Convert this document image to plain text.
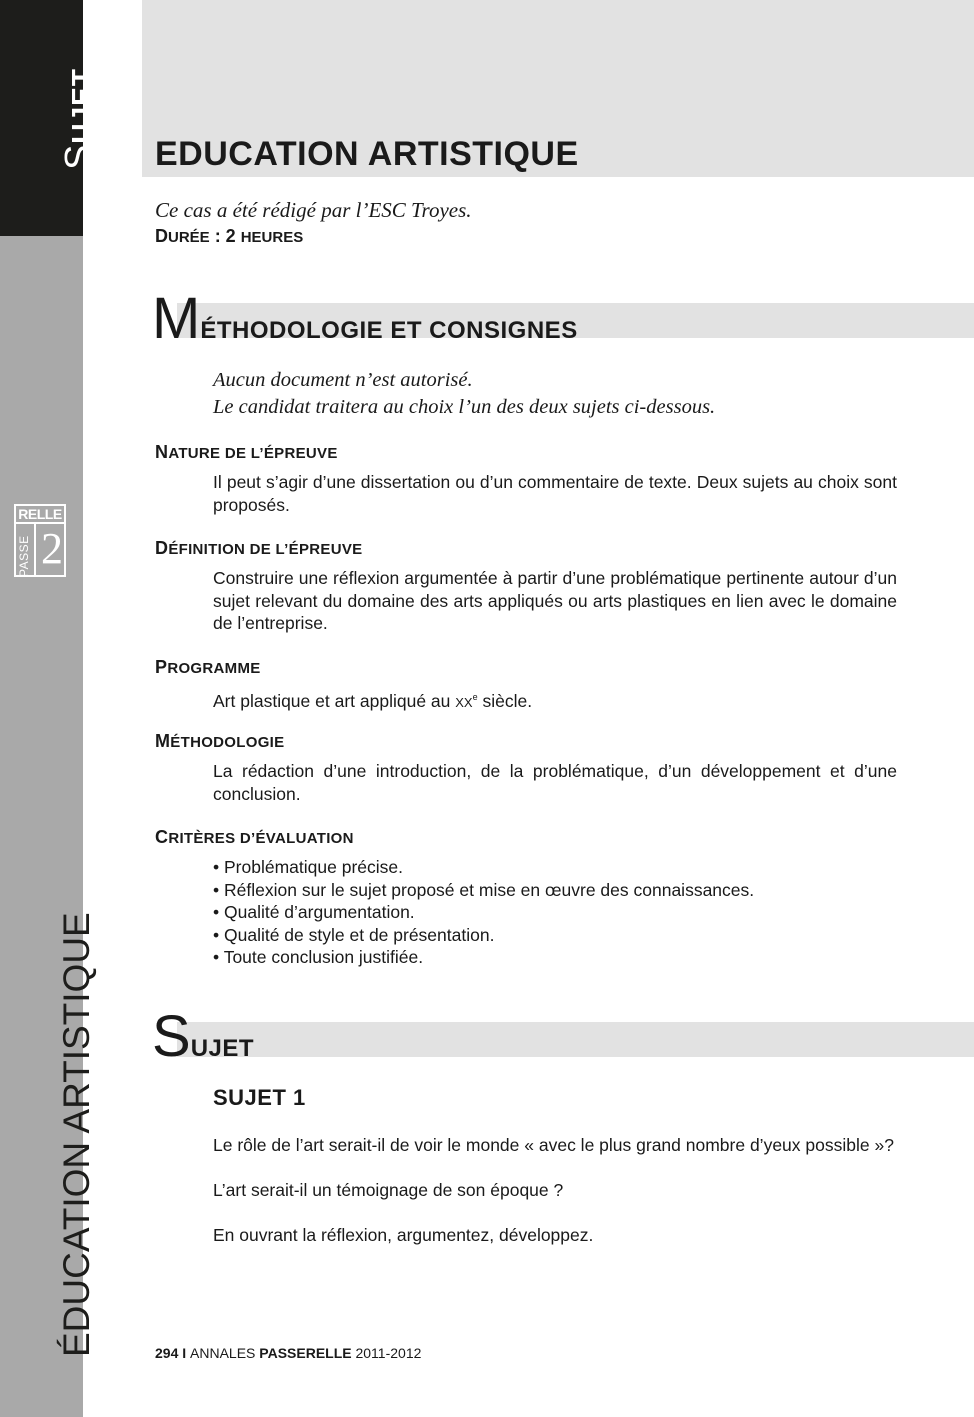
SUJET
RELLE
PASSE 2
ÉDUCATION ARTISTIQUE
EDUCATION ARTISTIQUE
Ce cas a été rédigé par l’ESC Troyes.
DURÉE : 2 HEURES
MÉTHODOLOGIE ET CONSIGNES
Aucun document n’est autorisé.
Le candidat traitera au choix l’un des deux sujets ci-dessous.
NATURE DE L’ÉPREUVE
Il peut s’agir d’une dissertation ou d’un commentaire de texte. Deux sujets au choix sont proposés.
DÉFINITION DE L’ÉPREUVE
Construire une réflexion argumentée à partir d’une problématique pertinente autour d’un sujet relevant du domaine des arts appliqués ou arts plastiques en lien avec le domaine de l’entreprise.
PROGRAMME
Art plastique et art appliqué au XXe siècle.
MÉTHODOLOGIE
La rédaction d’une introduction, de la problématique, d’un développement et d’une conclusion.
CRITÈRES D’ÉVALUATION
• Problématique précise.
• Réflexion sur le sujet proposé et mise en œuvre des connaissances.
• Qualité d’argumentation.
• Qualité de style et de présentation.
• Toute conclusion justifiée.
SUJET
SUJET 1
Le rôle de l’art serait-il de voir le monde « avec le plus grand nombre d’yeux possible »?
L’art serait-il un témoignage de son époque ?
En ouvrant la réflexion, argumentez, développez.
294 I ANNALES PASSERELLE 2011-2012
